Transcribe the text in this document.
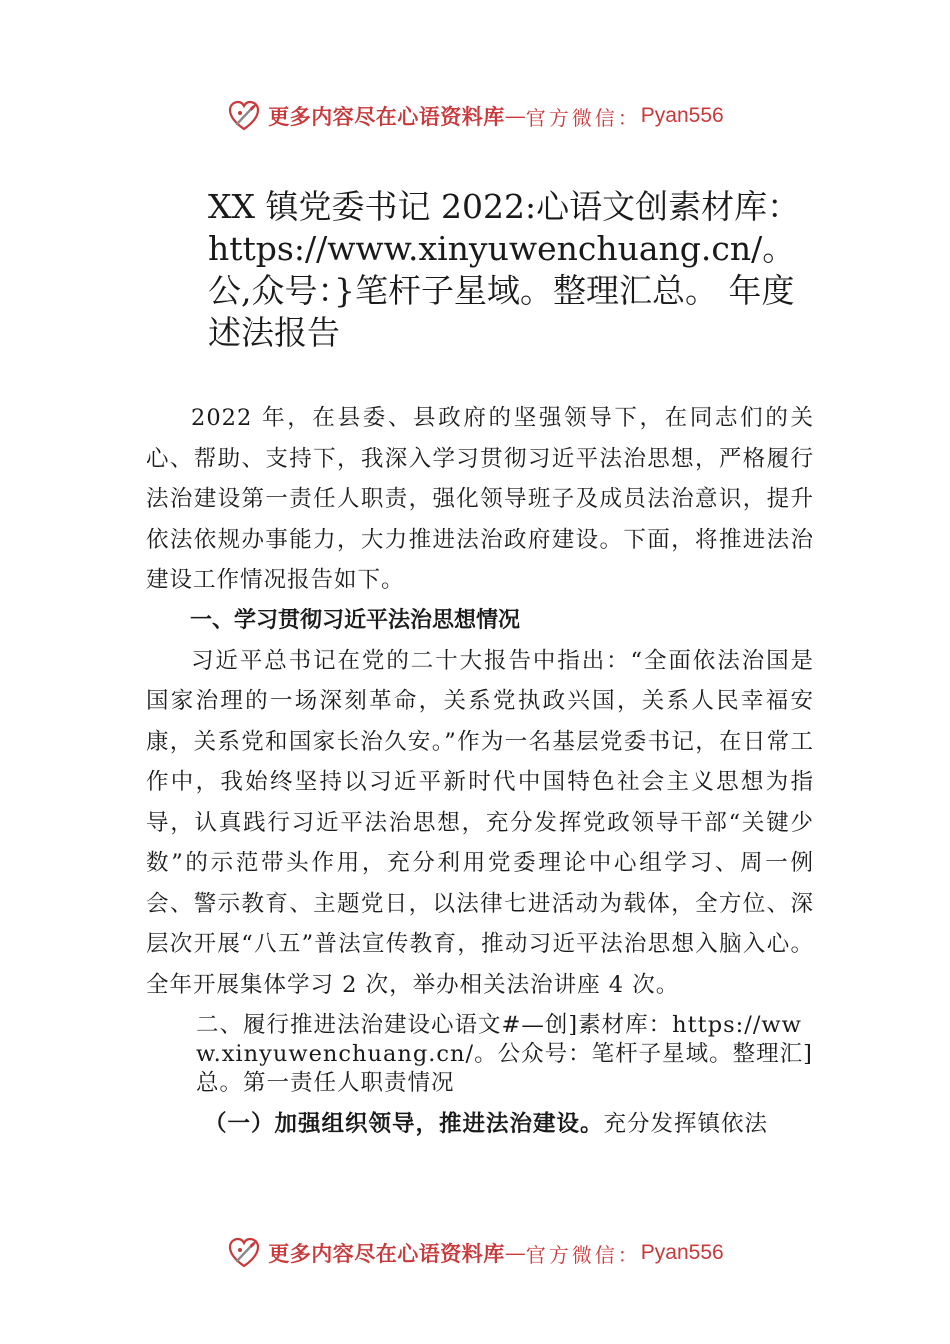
更多内容尽在心语资料库 — 官方微信： Pyan556
XX 镇党委书记 2022:心语文创素材库：https://www.xinyuwenchuang.cn/。公,众号：}笔杆子星域。整理汇总。 年度述法报告

2022 年，在县委、县政府的坚强领导下，在同志们的关心、帮助、支持下，我深入学习贯彻习近平法治思想，严格履行法治建设第一责任人职责，强化领导班子及成员法治意识，提升依法依规办事能力，大力推进法治政府建设。下面，将推进法治建设工作情况报告如下。

一、学习贯彻习近平法治思想情况

习近平总书记在党的二十大报告中指出：“全面依法治国是国家治理的一场深刻革命，关系党执政兴国，关系人民幸福安康，关系党和国家长治久安。”作为一名基层党委书记，在日常工作中，我始终坚持以习近平新时代中国特色社会主义思想为指导，认真践行习近平法治思想，充分发挥党政领导干部“关键少数”的示范带头作用，充分利用党委理论中心组学习、周一例会、警示教育、主题党日，以法律七进活动为载体，全方位、深层次开展“八五”普法宣传教育，推动习近平法治思想入脑入心。全年开展集体学习 2 次，举办相关法治讲座 4 次。

二、履行推进法治建设心语文#—创]素材库：https://www.xinyuwenchuang.cn/。公众号：笔杆子星域。整理汇]总。第一责任人职责情况

（一）加强组织领导，推进法治建设。充分发挥镇依法

更多内容尽在心语资料库 — 官方微信： Pyan556
